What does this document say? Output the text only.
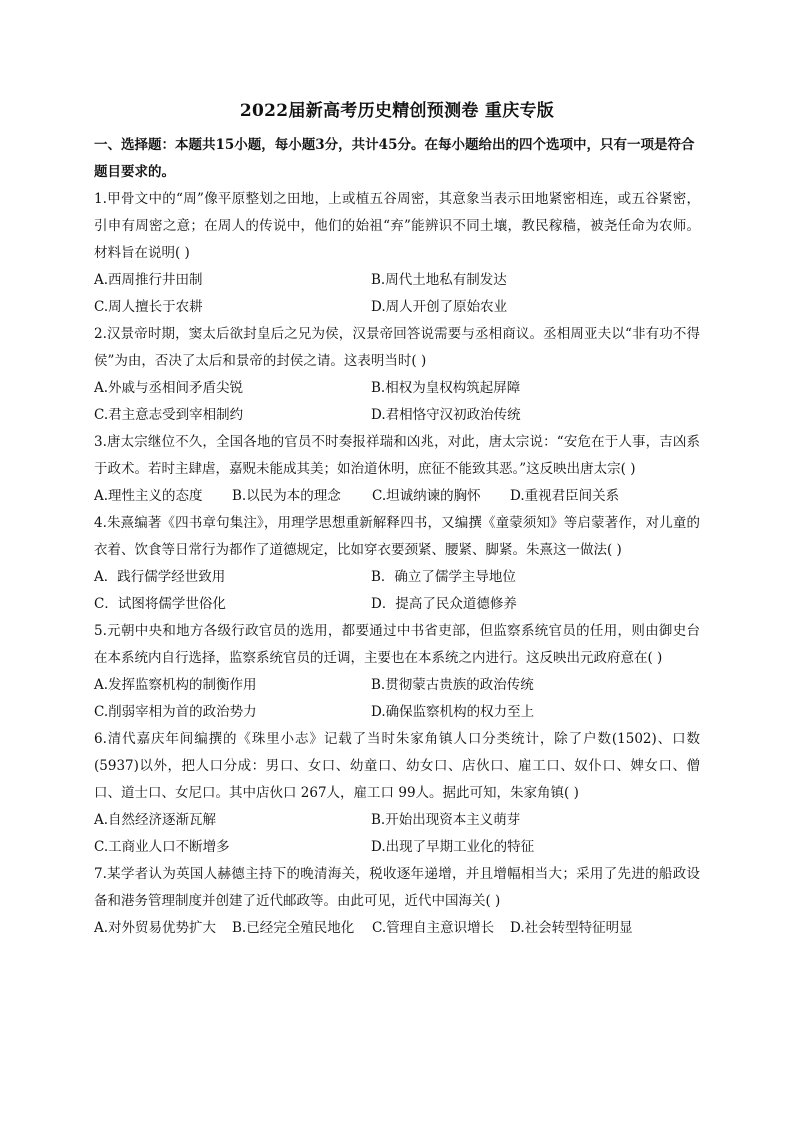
2022届新高考历史精创预测卷 重庆专版

一、选择题：本题共15小题，每小题3分，共计45分。在每小题给出的四个选项中，只有一项是符合题目要求的。

1.甲骨文中的“周”像平原整划之田地，上或植五谷周密，其意象当表示田地紧密相连，或五谷紧密，引申有周密之意；在周人的传说中，他们的始祖“弃”能辨识不同土壤，教民稼穑，被尧任命为农师。材料旨在说明( )

A.西周推行井田制	B.周代土地私有制发达
C.周人擅长于农耕	D.周人开创了原始农业

2.汉景帝时期，窦太后欲封皇后之兄为侯，汉景帝回答说需要与丞相商议。丞相周亚夫以“非有功不得侯”为由，否决了太后和景帝的封侯之请。这表明当时( )

A.外戚与丞相间矛盾尖锐	B.相权为皇权构筑起屏障
C.君主意志受到宰相制约	D.君相恪守汉初政治传统

3.唐太宗继位不久，全国各地的官员不时奏报祥瑞和凶兆，对此，唐太宗说：“安危在于人事，吉凶系于政术。若时主肆虐，嘉贶未能成其美；如治道休明，庶征不能致其恶。”这反映出唐太宗( )

A.理性主义的态度	B.以民为本的理念	C.坦诚纳谏的胸怀	D.重视君臣间关系

4.朱熹编著《四书章句集注》，用理学思想重新解释四书，又编撰《童蒙须知》等启蒙著作，对儿童的衣着、饮食等日常行为都作了道德规定，比如穿衣要颈紧、腰紧、脚紧。朱熹这一做法( )

A．践行儒学经世致用	B．确立了儒学主导地位
C．试图将儒学世俗化	D．提高了民众道德修养

5.元朝中央和地方各级行政官员的选用，都要通过中书省吏部，但监察系统官员的任用，则由御史台在本系统内自行选择，监察系统官员的迁调，主要也在本系统之内进行。这反映出元政府意在( )

A.发挥监察机构的制衡作用	B.贯彻蒙古贵族的政治传统
C.削弱宰相为首的政治势力	D.确保监察机构的权力至上

6.清代嘉庆年间编撰的《珠里小志》记载了当时朱家角镇人口分类统计，除了户数(1502)、口数(5937)以外，把人口分成：男口、女口、幼童口、幼女口、店伙口、雇工口、奴仆口、婢女口、僧口、道士口、女尼口。其中店伙口 267人，雇工口 99人。据此可知，朱家角镇( )

A.自然经济逐渐瓦解	B.开始出现资本主义萌芽
C.工商业人口不断增多	D.出现了早期工业化的特征

7.某学者认为英国人赫德主持下的晚清海关，税收逐年递增，并且增幅相当大；采用了先进的船政设备和港务管理制度并创建了近代邮政等。由此可见，近代中国海关( )

A.对外贸易优势扩大	B.已经完全殖民地化	C.管理自主意识增长	D.社会转型特征明显
